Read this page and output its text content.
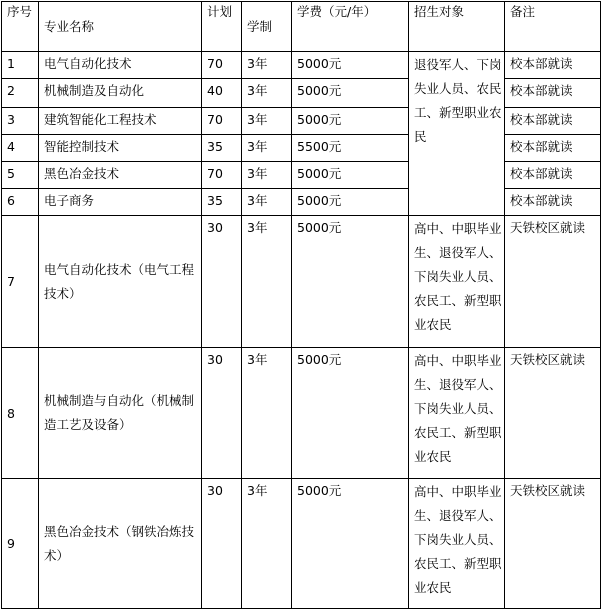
序号	专业名称	计划	学制	学费（元/年）	招生对象	备注
1	电气自动化技术	70	3年	5000元	退役军人、下岗失业人员、农民工、新型职业农民	校本部就读
2	机械制造及自动化	40	3年	5000元		校本部就读
3	建筑智能化工程技术	70	3年	5000元		校本部就读
4	智能控制技术	35	3年	5500元		校本部就读
5	黑色冶金技术	70	3年	5000元		校本部就读
6	电子商务	35	3年	5000元		校本部就读
7	电气自动化技术（电气工程技术）	30	3年	5000元	高中、中职毕业生、退役军人、下岗失业人员、农民工、新型职业农民	天铁校区就读
8	机械制造与自动化（机械制造工艺及设备）	30	3年	5000元	高中、中职毕业生、退役军人、下岗失业人员、农民工、新型职业农民	天铁校区就读
9	黑色冶金技术（钢铁冶炼技术）	30	3年	5000元	高中、中职毕业生、退役军人、下岗失业人员、农民工、新型职业农民	天铁校区就读
